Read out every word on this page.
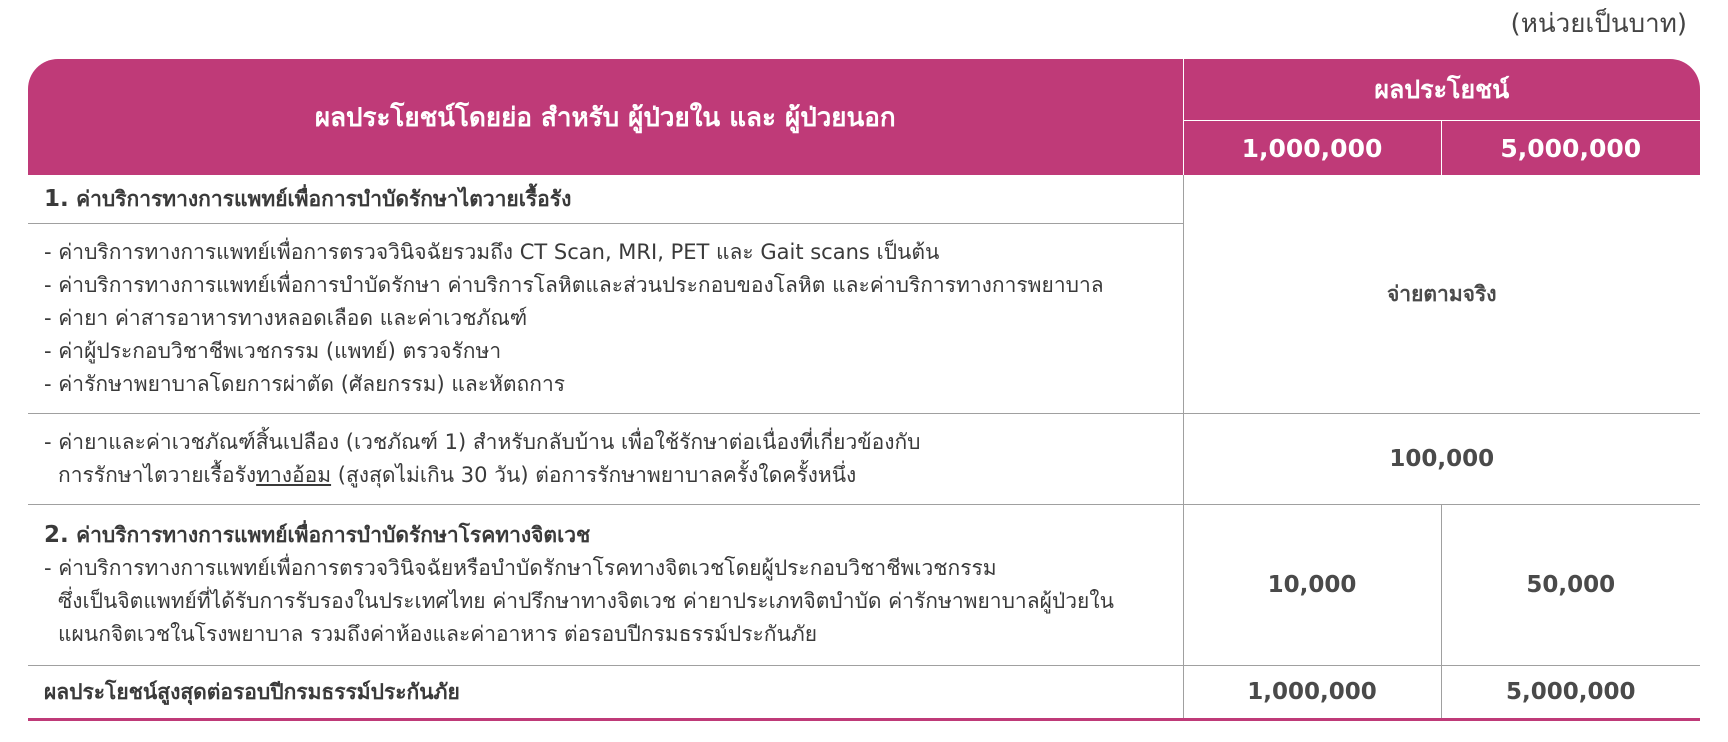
(หน่วยเป็นบาท)
ผลประโยชน์โดยย่อ สำหรับ ผู้ป่วยใน และ ผู้ป่วยนอก	ผลประโยชน์	
	1,000,000	5,000,000
1. ค่าบริการทางการแพทย์เพื่อการบำบัดรักษาไตวายเรื้อรัง	จ่ายตามจริง	

- ค่าบริการทางการแพทย์เพื่อการตรวจวินิจฉัยรวมถึง CT Scan, MRI, PET และ Gait scans เป็นต้น
- ค่าบริการทางการแพทย์เพื่อการบำบัดรักษา ค่าบริการโลหิตและส่วนประกอบของโลหิต และค่าบริการทางการพยาบาล
- ค่ายา ค่าสารอาหารทางหลอดเลือด และค่าเวชภัณฑ์
- ค่าผู้ประกอบวิชาชีพเวชกรรม (แพทย์) ตรวจรักษา
- ค่ารักษาพยาบาลโดยการผ่าตัด (ศัลยกรรม) และหัตถการ		

- ค่ายาและค่าเวชภัณฑ์สิ้นเปลือง (เวชภัณฑ์ 1) สำหรับกลับบ้าน เพื่อใช้รักษาต่อเนื่องที่เกี่ยวข้องกับ
การรักษาไตวายเรื้อรังทางอ้อม (สูงสุดไม่เกิน 30 วัน) ต่อการรักษาพยาบาลครั้งใดครั้งหนึ่ง	100,000	

2. ค่าบริการทางการแพทย์เพื่อการบำบัดรักษาโรคทางจิตเวช
- ค่าบริการทางการแพทย์เพื่อการตรวจวินิจฉัยหรือบำบัดรักษาโรคทางจิตเวชโดยผู้ประกอบวิชาชีพเวชกรรม
ซึ่งเป็นจิตแพทย์ที่ได้รับการรับรองในประเทศไทย ค่าปรึกษาทางจิตเวช ค่ายาประเภทจิตบำบัด ค่ารักษาพยาบาลผู้ป่วยใน
แผนกจิตเวชในโรงพยาบาล รวมถึงค่าห้องและค่าอาหาร ต่อรอบปีกรมธรรม์ประกันภัย	10,000	50,000
ผลประโยชน์สูงสุดต่อรอบปีกรมธรรม์ประกันภัย	1,000,000	5,000,000
